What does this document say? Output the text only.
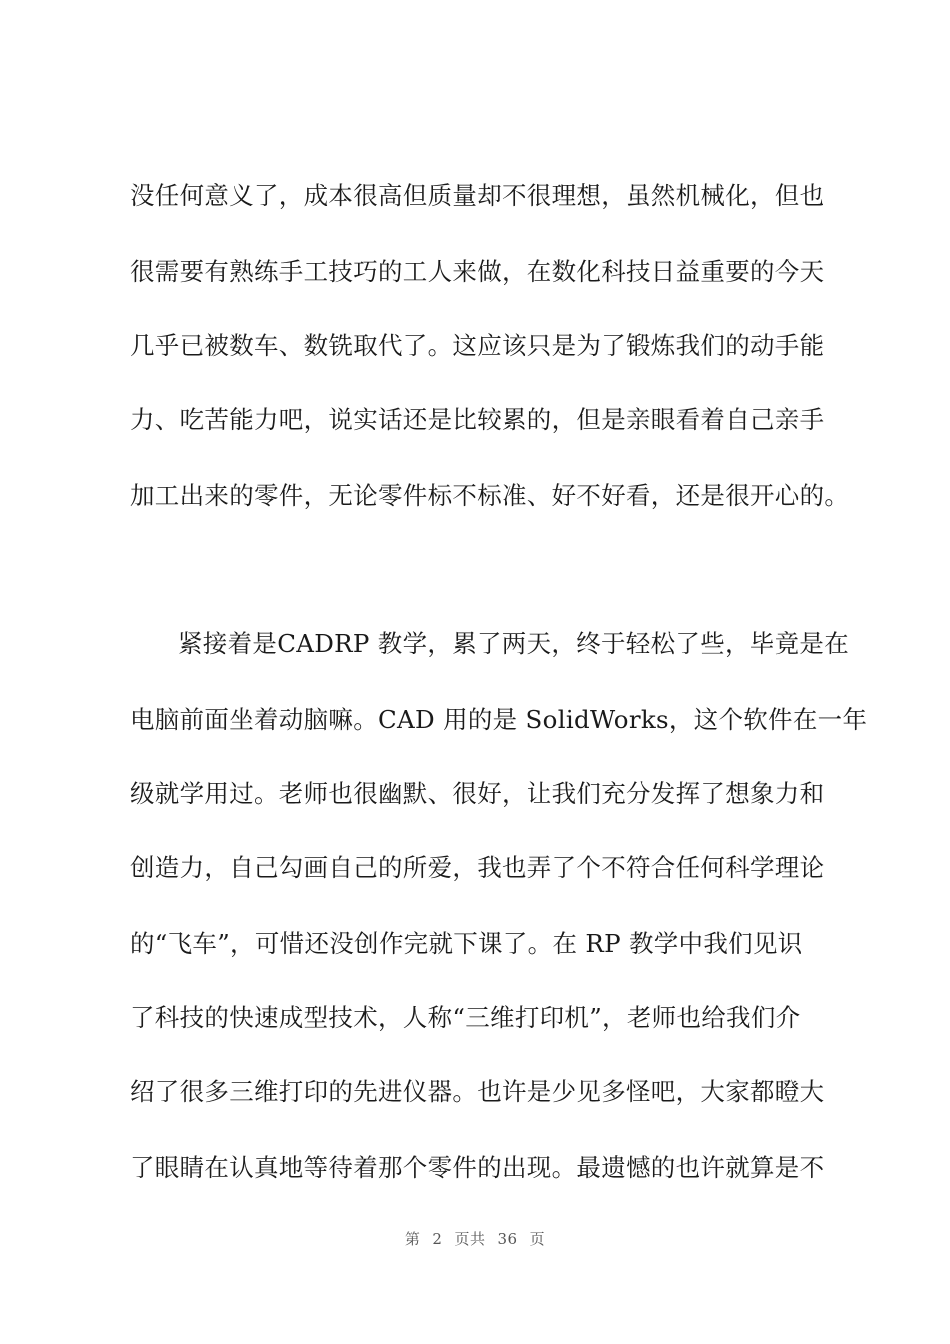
没任何意义了，成本很高但质量却不很理想，虽然机械化，但也
很需要有熟练手工技巧的工人来做，在数化科技日益重要的今天
几乎已被数车、数铣取代了。这应该只是为了锻炼我们的动手能
力、吃苦能力吧，说实话还是比较累的，但是亲眼看着自己亲手
加工出来的零件，无论零件标不标准、好不好看，还是很开心的。
紧接着是CADRP 教学，累了两天，终于轻松了些，毕竟是在
电脑前面坐着动脑嘛。CAD 用的是 SolidWorks，这个软件在一年
级就学用过。老师也很幽默、很好，让我们充分发挥了想象力和
创造力，自己勾画自己的所爱，我也弄了个不符合任何科学理论
的“飞车”，可惜还没创作完就下课了。在 RP 教学中我们见识
了科技的快速成型技术，人称“三维打印机”，老师也给我们介
绍了很多三维打印的先进仪器。也许是少见多怪吧，大家都瞪大
了眼睛在认真地等待着那个零件的出现。最遗憾的也许就算是不
第 2 页共 36 页
